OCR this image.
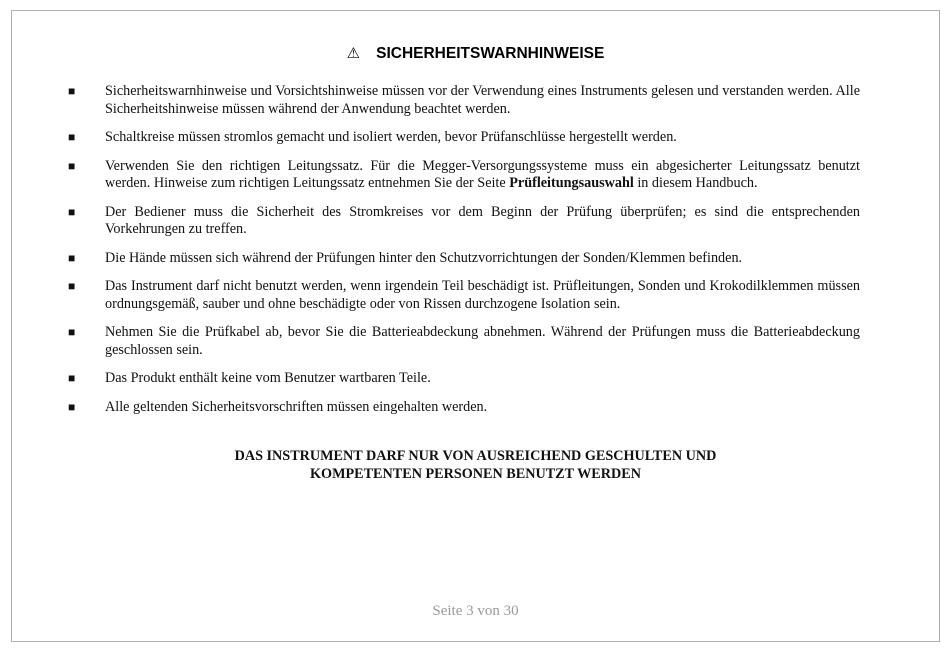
⚠ SICHERHEITSWARNHINWEISE
■ Sicherheitswarnhinweise und Vorsichtshinweise müssen vor der Verwendung eines Instruments gelesen und verstanden werden. Alle Sicherheitshinweise müssen während der Anwendung beachtet werden.
■ Schaltkreise müssen stromlos gemacht und isoliert werden, bevor Prüfanschlüsse hergestellt werden.
■ Verwenden Sie den richtigen Leitungssatz. Für die Megger-Versorgungssysteme muss ein abgesicherter Leitungssatz benutzt werden. Hinweise zum richtigen Leitungssatz entnehmen Sie der Seite Prüfleitungsauswahl in diesem Handbuch.
■ Der Bediener muss die Sicherheit des Stromkreises vor dem Beginn der Prüfung überprüfen; es sind die entsprechenden Vorkehrungen zu treffen.
■ Die Hände müssen sich während der Prüfungen hinter den Schutzvorrichtungen der Sonden/Klemmen befinden.
■ Das Instrument darf nicht benutzt werden, wenn irgendein Teil beschädigt ist. Prüfleitungen, Sonden und Krokodilklemmen müssen ordnungsgemäß, sauber und ohne beschädigte oder von Rissen durchzogene Isolation sein.
■ Nehmen Sie die Prüfkabel ab, bevor Sie die Batterieabdeckung abnehmen. Während der Prüfungen muss die Batterieabdeckung geschlossen sein.
■ Das Produkt enthält keine vom Benutzer wartbaren Teile.
■ Alle geltenden Sicherheitsvorschriften müssen eingehalten werden.
DAS INSTRUMENT DARF NUR VON AUSREICHEND GESCHULTEN UND
KOMPETENTEN PERSONEN BENUTZT WERDEN
Seite 3 von 30
